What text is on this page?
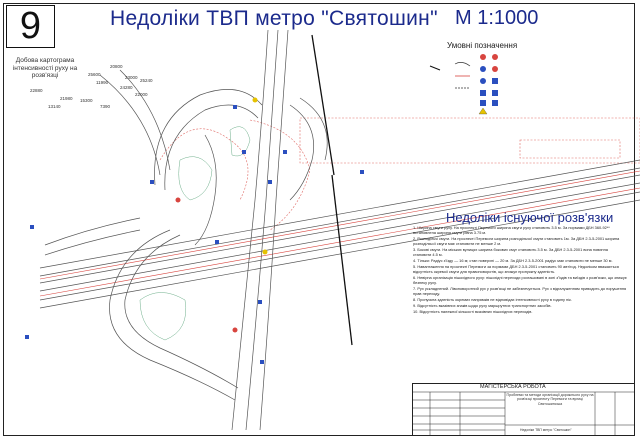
9	Недоліки ТВП метро "Святошин" М 1:1000
Добова картограма інтенсивності руху на розв'язці
22880
25600
11990
20800
23000
24280
15300
21980
13140	7390
22000
25240
Умовні позначення
Недоліки існуючої розв'язки

1. Ширина смуги руху. На проспекті Перемоги ширина смуги руху становить 3.5 м. За нормами ДБН 360-92** встановлена ширина смуги рівна 3.75 м.

2. Розподільчі смуги. На проспекті Перемоги ширина розподільчої смуги становить 1м. За ДБН 2.3-5-2001 ширина розподільчої смуги має становити не менше 2 м.

3. Бокові смуги. На міських вулицях ширина бокових смуг становить 3.5 м. За ДБН 2.3-5-2001 вона повинна становити 4.5 м.

4. Тільки: Радіус з'їзду — 16 м; стан поверхні — 20 м. За ДБН 2.3-5-2001 радіус має становити не менше 30 м.

5. Навантаження на проспекті Перемоги за нормами ДБН 2.3-5-2001 становить 90 авт/год. Недоліком вважається відсутність окремої смуги для правоповоротів, що знижує пропускну здатність.

6. Невірна організація пішохідного руху: пішохідні переходи розташовані в зоні з'їздів та виїздів з розв'язки, що знижує безпеку руху.

7. Рух ускладнений. Лівоповоротний рух у розв'язці не забезпечується. Рух з відгалуженням приводить до порушення прав переходу.

8. Пропускна здатність окремих напрямків не відповідає інтенсивності руху в годину пік.

9. Відсутність вказівних знаків щодо руху маршрутних транспортних засобів.

10. Відсутність належної кількості вказівних пішохідних переходів.

МАГІСТЕРСЬКА РОБОТА
Проблеми та методи організації дорожнього руху на розв'язці проспекту Перемоги та вулиці Святошинська
Недоліки ТВП метро "Святошин"
